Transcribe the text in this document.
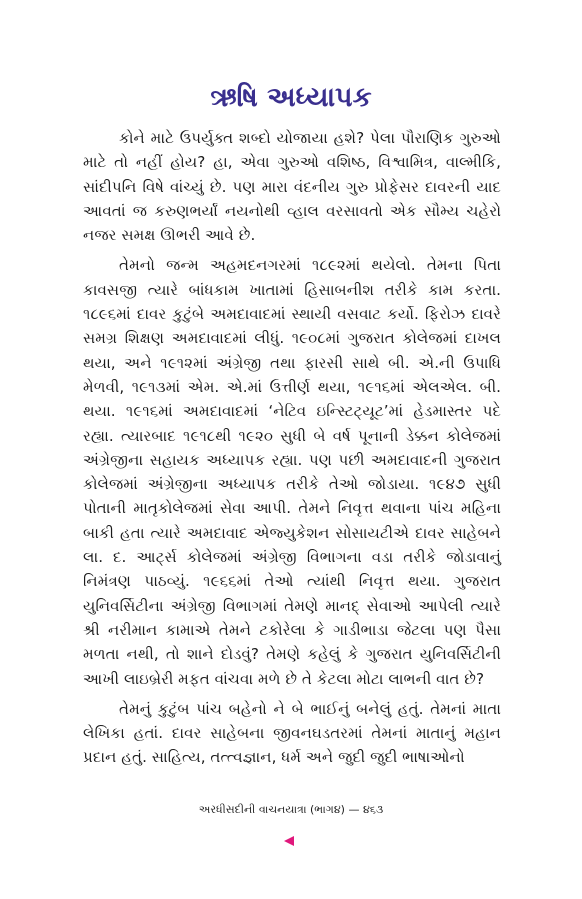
ઋષિ અધ્યાપક

કોને માટે ઉપર્યુક્ત શબ્દો યોજાયા હશે? પેલા પૌરાણિક ગુરુઓ માટે તો નહીં હોય? હા, એવા ગુરુઓ વશિષ્ઠ, વિશ્વામિત્ર, વાલ્મીકિ, સાંદીપનિ વિષે વાંચ્યું છે. પણ મારા વંદનીય ગુરુ પ્રોફેસર દાવરની યાદ આવતાં જ કરુણભર્યાં નયનોથી વ્હાલ વરસાવતો એક સૌમ્ય ચહેરો નજર સમક્ષ ઊભરી આવે છે.

તેમનો જન્મ અહમદનગરમાં ૧૮૯૨માં થયેલો. તેમના પિતા કાવસજી ત્યારે બાંધકામ ખાતામાં હિસાબનીશ તરીકે કામ કરતા. ૧૮૯૬માં દાવર કુટુંબે અમદાવાદમાં સ્થાયી વસવાટ કર્યો. ફિરોઝ દાવરે સમગ્ર શિક્ષણ અમદાવાદમાં લીધું. ૧૯૦૮માં ગુજરાત કોલેજમાં દાખલ થયા, અને ૧૯૧૨માં અંગ્રેજી તથા ફારસી સાથે બી. એ.ની ઉપાધિ મેળવી, ૧૯૧૩માં એમ. એ.માં ઉત્તીર્ણ થયા, ૧૯૧૬માં એલએલ. બી. થયા. ૧૯૧૬માં અમદાવાદમાં ‘નેટિવ ઇન્સ્ટિટ્યૂટ’માં હેડમાસ્તર પદે રહ્યા. ત્યારબાદ ૧૯૧૮થી ૧૯૨૦ સુધી બે વર્ષ પૂનાની ડેક્કન કોલેજમાં અંગ્રેજીના સહાયક અધ્યાપક રહ્યા. પણ પછી અમદાવાદની ગુજરાત કોલેજમાં અંગ્રેજીના અધ્યાપક તરીકે તેઓ જોડાયા. ૧૯૪૭ સુધી પોતાની માતૃકોલેજમાં સેવા આપી. તેમને નિવૃત્ત થવાના પાંચ મહિના બાકી હતા ત્યારે અમદાવાદ એજ્યુકેશન સોસાયટીએ દાવર સાહેબને લા. દ. આર્ટ્સ કોલેજમાં અંગ્રેજી વિભાગના વડા તરીકે જોડાવાનું નિમંત્રણ પાઠવ્યું. ૧૯૬૬માં તેઓ ત્યાંથી નિવૃત્ત થયા. ગુજરાત યુનિવર્સિટીના અંગ્રેજી વિભાગમાં તેમણે માનદ્ સેવાઓ આપેલી ત્યારે શ્રી નરીમાન કામાએ તેમને ટકોરેલા કે ગાડીભાડા જેટલા પણ પૈસા મળતા નથી, તો શાને દોડવું? તેમણે કહેલું કે ગુજરાત યુનિવર્સિટીની આખી લાઇબ્રેરી મફત વાંચવા મળે છે તે કેટલા મોટા લાભની વાત છે?

તેમનું કુટુંબ પાંચ બહેનો ને બે ભાઈનું બનેલું હતું. તેમનાં માતા લેખિકા હતાં. દાવર સાહેબના જીવનઘડતરમાં તેમનાં માતાનું મહાન પ્રદાન હતું. સાહિત્ય, તત્ત્વજ્ઞાન, ધર્મ અને જુદી જુદી ભાષાઓનો

અરધીસદીની વાચનયાત્રા (ભાગ૪) — ૪૬૩
